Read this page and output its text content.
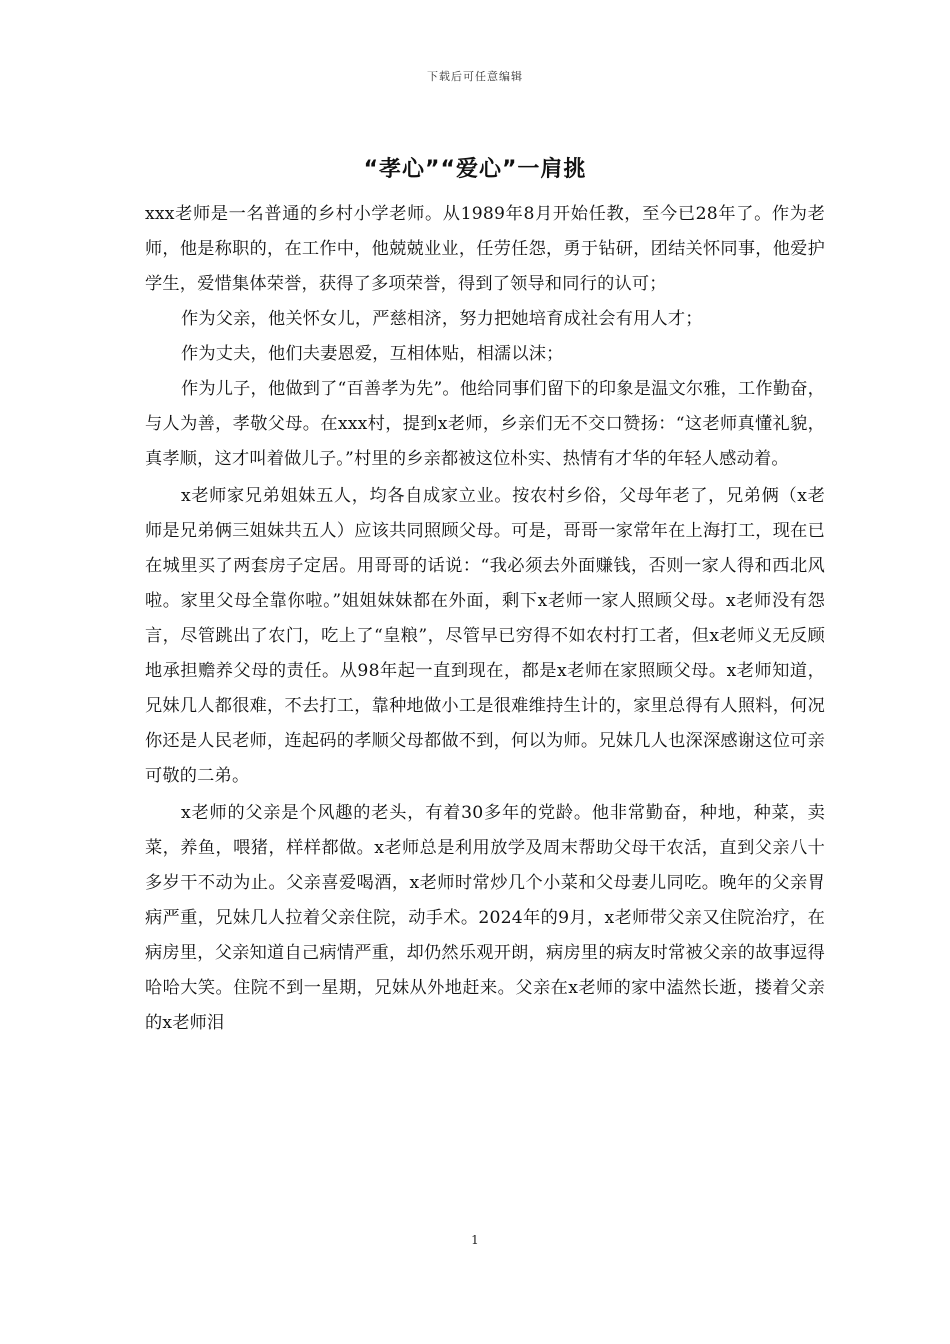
下载后可任意编辑
“孝心”“爱心”一肩挑

xxx老师是一名普通的乡村小学老师。从1989年8月开始任教，至今已28年了。作为老师，他是称职的，在工作中，他兢兢业业，任劳任怨，勇于钻研，团结关怀同事，他爱护学生，爱惜集体荣誉，获得了多项荣誉，得到了领导和同行的认可；

作为父亲，他关怀女儿，严慈相济，努力把她培育成社会有用人才；

作为丈夫，他们夫妻恩爱，互相体贴，相濡以沫；

作为儿子，他做到了“百善孝为先”。他给同事们留下的印象是温文尔雅，工作勤奋，与人为善，孝敬父母。在xxx村，提到x老师，乡亲们无不交口赞扬：“这老师真懂礼貌，真孝顺，这才叫着做儿子。”村里的乡亲都被这位朴实、热情有才华的年轻人感动着。

x老师家兄弟姐妹五人，均各自成家立业。按农村乡俗，父母年老了，兄弟俩（x老师是兄弟俩三姐妹共五人）应该共同照顾父母。可是，哥哥一家常年在上海打工，现在已在城里买了两套房子定居。用哥哥的话说：“我必须去外面赚钱，否则一家人得和西北风啦。家里父母全靠你啦。”姐姐妹妹都在外面，剩下x老师一家人照顾父母。x老师没有怨言，尽管跳出了农门，吃上了“皇粮”，尽管早已穷得不如农村打工者，但x老师义无反顾地承担赡养父母的责任。从98年起一直到现在，都是x老师在家照顾父母。x老师知道，兄妹几人都很难，不去打工，靠种地做小工是很难维持生计的，家里总得有人照料，何况你还是人民老师，连起码的孝顺父母都做不到，何以为师。兄妹几人也深深感谢这位可亲可敬的二弟。

x老师的父亲是个风趣的老头，有着30多年的党龄。他非常勤奋，种地，种菜，卖菜，养鱼，喂猪，样样都做。x老师总是利用放学及周末帮助父母干农活，直到父亲八十多岁干不动为止。父亲喜爱喝酒，x老师时常炒几个小菜和父母妻儿同吃。晚年的父亲胃病严重，兄妹几人拉着父亲住院，动手术。2024年的9月，x老师带父亲又住院治疗，在病房里，父亲知道自己病情严重，却仍然乐观开朗，病房里的病友时常被父亲的故事逗得哈哈大笑。住院不到一星期，兄妹从外地赶来。父亲在x老师的家中溘然长逝，搂着父亲的x老师泪

1
